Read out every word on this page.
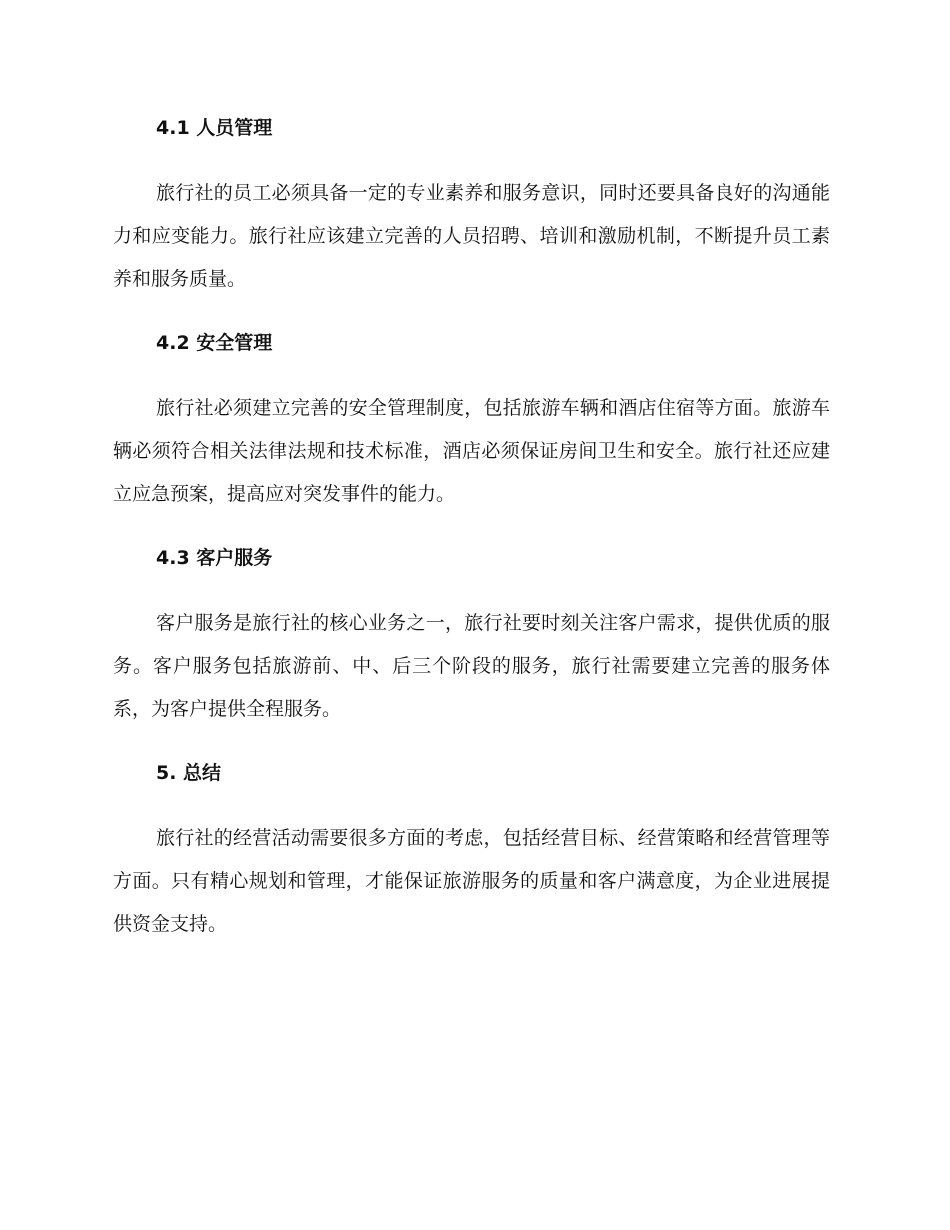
4.1 人员管理

旅行社的员工必须具备一定的专业素养和服务意识，同时还要具备良好的沟通能力和应变能力。旅行社应该建立完善的人员招聘、培训和激励机制，不断提升员工素养和服务质量。

4.2 安全管理

旅行社必须建立完善的安全管理制度，包括旅游车辆和酒店住宿等方面。旅游车辆必须符合相关法律法规和技术标准，酒店必须保证房间卫生和安全。旅行社还应建立应急预案，提高应对突发事件的能力。

4.3 客户服务

客户服务是旅行社的核心业务之一，旅行社要时刻关注客户需求，提供优质的服务。客户服务包括旅游前、中、后三个阶段的服务，旅行社需要建立完善的服务体系，为客户提供全程服务。

5. 总结

旅行社的经营活动需要很多方面的考虑，包括经营目标、经营策略和经营管理等方面。只有精心规划和管理，才能保证旅游服务的质量和客户满意度，为企业进展提供资金支持。
